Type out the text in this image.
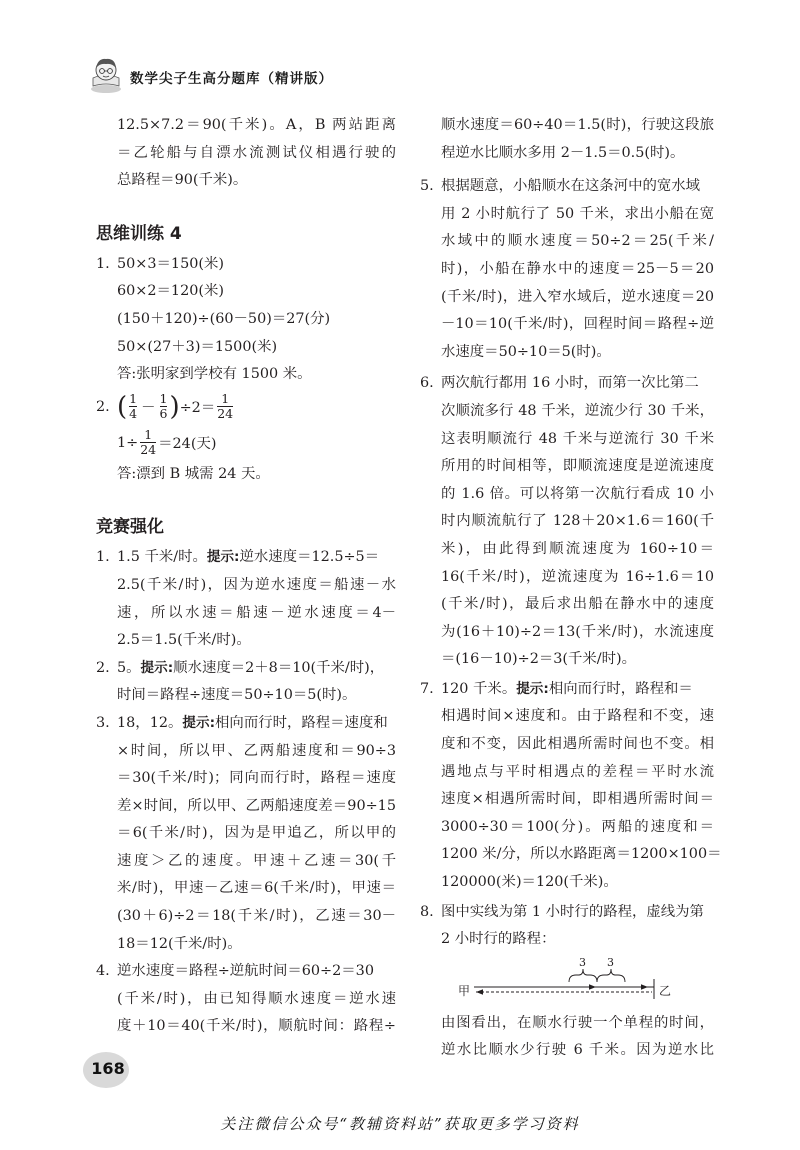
数学尖子生高分题库（精讲版）
12.5×7.2＝90(千米)。A，B 两站距离
＝乙轮船与自漂水流测试仪相遇行驶的
总路程＝90(千米)。
思维训练 4
1. 50×3＝150(米)
60×2＝120(米)
(150＋120)÷(60－50)＝27(分)
50×(27＋3)＝1500(米)
答:张明家到学校有 1500 米。
2. ( $\frac{1}{4} - \frac{1}{6}$ ) $\div 2= \frac{1}{24}$
$1\div \frac{1}{24} =24$(天)
答:漂到 B 城需 24 天。
竞赛强化
1. 1.5 千米/时。提示:逆水速度＝12.5÷5＝
2.5(千米/时)，因为逆水速度＝船速－水
速，所以水速＝船速－逆水速度＝4－
2.5＝1.5(千米/时)。
2. 5。提示:顺水速度＝2＋8＝10(千米/时)，
时间＝路程÷速度＝50÷10＝5(时)。
3. 18，12。提示:相向而行时，路程＝速度和
×时间，所以甲、乙两船速度和＝90÷3
＝30(千米/时)；同向而行时，路程＝速度
差×时间，所以甲、乙两船速度差＝90÷15
＝6(千米/时)，因为是甲追乙，所以甲的
速度＞乙的速度。甲速＋乙速＝30(千
米/时)，甲速－乙速＝6(千米/时)，甲速＝
(30＋6)÷2＝18(千米/时)，乙速＝30－
18＝12(千米/时)。
4. 逆水速度＝路程÷逆航时间＝60÷2＝30
(千米/时)，由已知得顺水速度＝逆水速
度＋10＝40(千米/时)，顺航时间：路程÷
顺水速度＝60÷40＝1.5(时)，行驶这段旅
程逆水比顺水多用 2－1.5＝0.5(时)。
5. 根据题意，小船顺水在这条河中的宽水域
用 2 小时航行了 50 千米，求出小船在宽
水域中的顺水速度＝50÷2＝25(千米/
时)，小船在静水中的速度＝25－5＝20
(千米/时)，进入窄水域后，逆水速度＝20
－10＝10(千米/时)，回程时间＝路程÷逆
水速度＝50÷10＝5(时)。
6. 两次航行都用 16 小时，而第一次比第二
次顺流多行 48 千米，逆流少行 30 千米，
这表明顺流行 48 千米与逆流行 30 千米
所用的时间相等，即顺流速度是逆流速度
的 1.6 倍。可以将第一次航行看成 10 小
时内顺流航行了 128＋20×1.6＝160(千
米)，由此得到顺流速度为 160÷10＝
16(千米/时)，逆流速度为 16÷1.6＝10
(千米/时)，最后求出船在静水中的速度
为(16＋10)÷2＝13(千米/时)，水流速度
＝(16－10)÷2＝3(千米/时)。
7. 120 千米。提示:相向而行时，路程和＝
相遇时间×速度和。由于路程和不变，速
度和不变，因此相遇所需时间也不变。相
遇地点与平时相遇点的差程＝平时水流
速度×相遇所需时间，即相遇所需时间＝
3000÷30＝100(分)。两船的速度和＝
1200 米/分，所以水路距离＝1200×100＝
120000(米)＝120(千米)。
8. 图中实线为第 1 小时行的路程，虚线为第
2 小时行的路程：
甲
3 3
乙
由图看出，在顺水行驶一个单程的时间，
逆水比顺水少行驶 6 千米。因为逆水比
168
关注微信公众号“教辅资料站”获取更多学习资料
